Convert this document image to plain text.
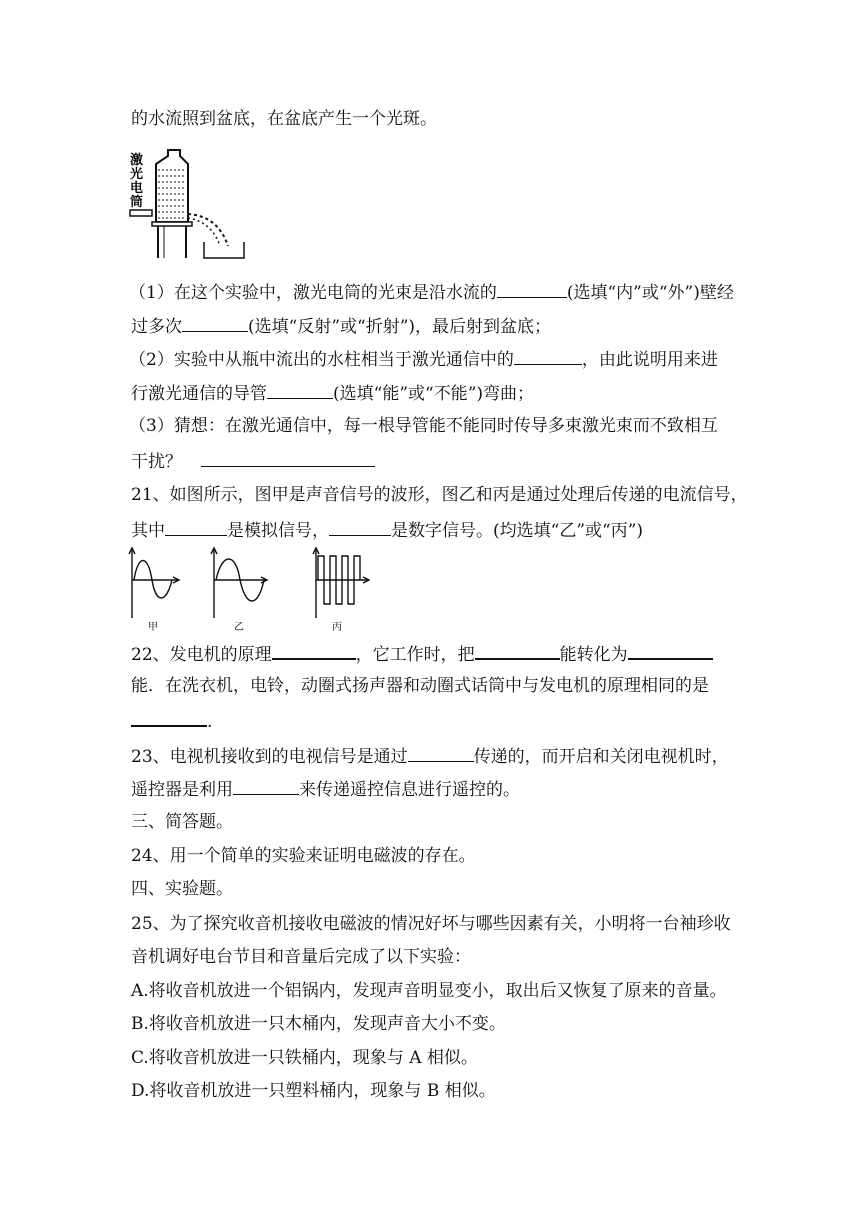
的水流照到盆底，在盆底产生一个光斑。
激
光
电
筒
（1）在这个实验中，激光电筒的光束是沿水流的	(选填“内”或“外”)壁经
过多次	(选填“反射”或“折射”)，最后射到盆底；
（2）实验中从瓶中流出的水柱相当于激光通信中的	，由此说明用来进
行激光通信的导管	(选填“能”或“不能”)弯曲；
（3）猜想：在激光通信中，每一根导管能不能同时传导多束激光束而不致相互
干扰？
21、如图所示，图甲是声音信号的波形，图乙和丙是通过处理后传递的电流信号，
其中	是模拟信号，	是数字信号。(均选填“乙”或“丙”)
甲	乙	丙
22、发电机的原理	，它工作时，把	能转化为
能．在洗衣机，电铃，动圈式扬声器和动圈式话筒中与发电机的原理相同的是
.
23、电视机接收到的电视信号是通过	传递的，而开启和关闭电视机时，
遥控器是利用	来传递遥控信息进行遥控的。
三、简答题。
24、用一个简单的实验来证明电磁波的存在。
四、实验题。
25、为了探究收音机接收电磁波的情况好坏与哪些因素有关，小明将一台袖珍收
音机调好电台节目和音量后完成了以下实验：
A.将收音机放进一个铝锅内，发现声音明显变小，取出后又恢复了原来的音量。
B.将收音机放进一只木桶内，发现声音大小不变。
C.将收音机放进一只铁桶内，现象与 A 相似。
D.将收音机放进一只塑料桶内，现象与 B 相似。
